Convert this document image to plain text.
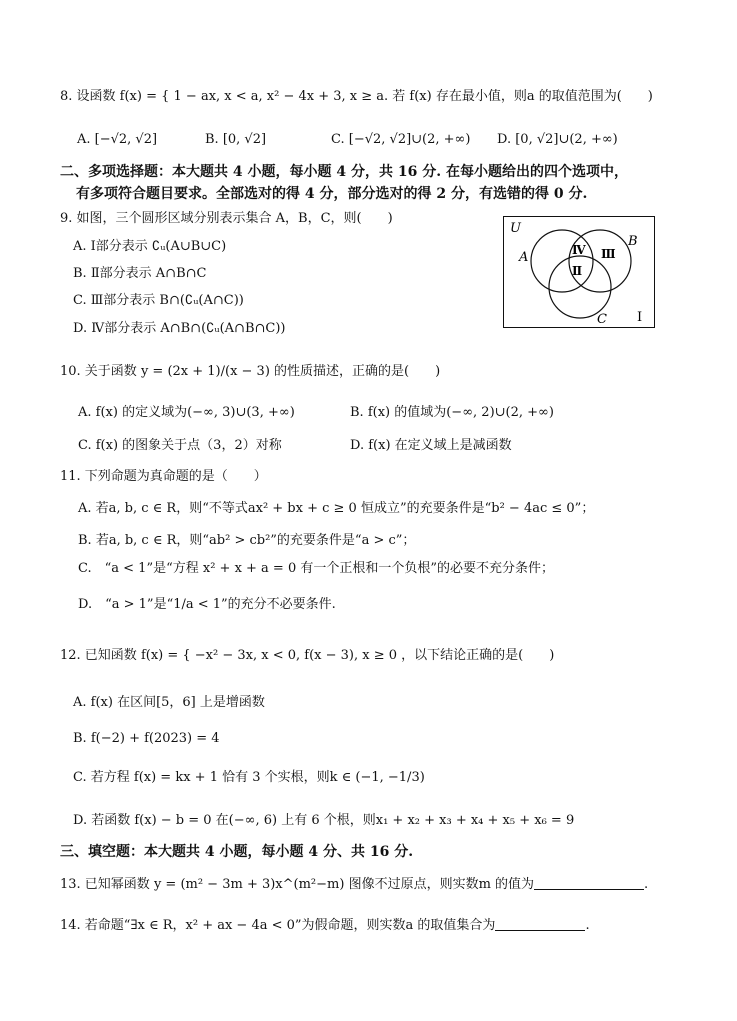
8. 设函数 f(x) = { 1 − ax, x < a, x² − 4x + 3, x ≥ a. 若 f(x) 存在最小值，则a 的取值范围为(　　)
A. [−√2, √2]	B. [0, √2]	C. [−√2, √2]∪(2, +∞) D. [0, √2]∪(2, +∞)
二、多项选择题：本大题共 4 小题，每小题 4 分，共 16 分. 在每小题给出的四个选项中，
有多项符合题目要求。全部选对的得 4 分，部分选对的得 2 分，有选错的得 0 分.
9. 如图，三个圆形区域分别表示集合 A，B，C，则(　　)
A. Ⅰ部分表示 ∁ᵤ(A∪B∪C)
B. Ⅱ部分表示 A∩B∩C
C. Ⅲ部分表示 B∩(∁ᵤ(A∩C))
D. Ⅳ部分表示 A∩B∩(∁ᵤ(A∩B∩C))
U
A
B
C Ⅰ
Ⅱ
Ⅲ
Ⅳ
10. 关于函数 y = (2x + 1)/(x − 3) 的性质描述，正确的是(　　)
A. f(x) 的定义域为(−∞, 3)∪(3, +∞)	B. f(x) 的值域为(−∞, 2)∪(2, +∞)
C. f(x) 的图象关于点（3，2）对称	D. f(x) 在定义域上是减函数
11. 下列命题为真命题的是（　　）
A. 若a, b, c ∈ R，则“不等式ax² + bx + c ≥ 0 恒成立”的充要条件是“b² − 4ac ≤ 0”；
B. 若a, b, c ∈ R，则“ab² > cb²”的充要条件是“a > c”；
C.　“a < 1”是“方程 x² + x + a = 0 有一个正根和一个负根”的必要不充分条件；
D.　“a > 1”是“1/a < 1”的充分不必要条件.
12. 已知函数 f(x) = { −x² − 3x, x < 0, f(x − 3), x ≥ 0 ，以下结论正确的是(　　)
A. f(x) 在区间[5，6] 上是增函数
B. f(−2) + f(2023) = 4
C. 若方程 f(x) = kx + 1 恰有 3 个实根，则k ∈ (−1, −1/3)
D. 若函数 f(x) − b = 0 在(−∞, 6) 上有 6 个根，则x₁ + x₂ + x₃ + x₄ + x₅ + x₆ = 9
三、填空题：本大题共 4 小题，每小题 4 分、共 16 分.
13. 已知幂函数 y = (m² − 3m + 3)x^(m²−m) 图像不过原点，则实数m 的值为	.
14. 若命题“∃x ∈ R，x² + ax − 4a < 0”为假命题，则实数a 的取值集合为	.
